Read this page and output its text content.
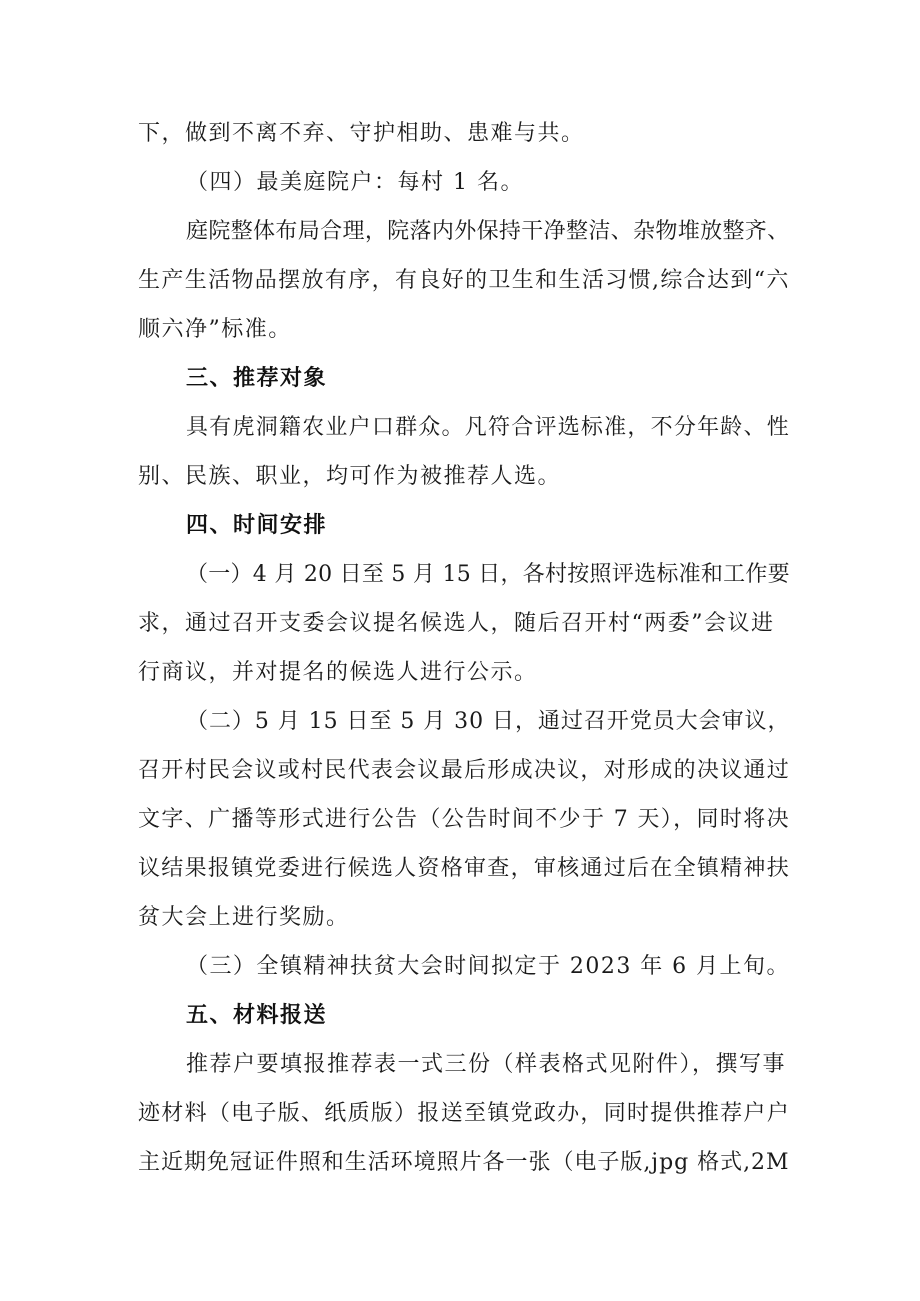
下，做到不离不弃、守护相助、患难与共。

（四）最美庭院户：每村 1 名。

庭院整体布局合理，院落内外保持干净整洁、杂物堆放整齐、

生产生活物品摆放有序，有良好的卫生和生活习惯,综合达到“六

顺六净”标准。

三、推荐对象

具有虎洞籍农业户口群众。凡符合评选标准，不分年龄、性

别、民族、职业，均可作为被推荐人选。

四、时间安排

（一）4 月 20 日至 5 月 15 日，各村按照评选标准和工作要

求，通过召开支委会议提名候选人，随后召开村“两委”会议进

行商议，并对提名的候选人进行公示。

（二）5 月 15 日至 5 月 30 日，通过召开党员大会审议，

召开村民会议或村民代表会议最后形成决议，对形成的决议通过

文字、广播等形式进行公告（公告时间不少于 7 天），同时将决

议结果报镇党委进行候选人资格审查，审核通过后在全镇精神扶

贫大会上进行奖励。

（三）全镇精神扶贫大会时间拟定于 2023 年 6 月上旬。

五、材料报送

推荐户要填报推荐表一式三份（样表格式见附件），撰写事

迹材料（电子版、纸质版）报送至镇党政办，同时提供推荐户户

主近期免冠证件照和生活环境照片各一张（电子版,jpg 格式,2M
